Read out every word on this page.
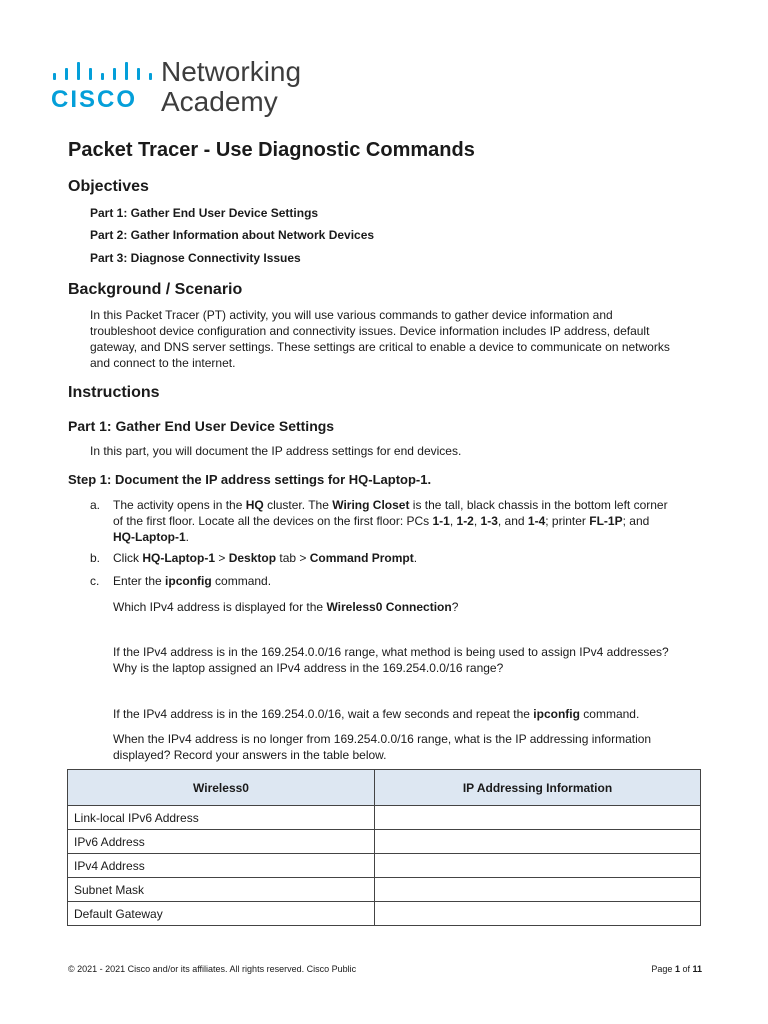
CISCO
Networking
Academy
Packet Tracer - Use Diagnostic Commands
Objectives
Part 1: Gather End User Device Settings
Part 2: Gather Information about Network Devices
Part 3: Diagnose Connectivity Issues
Background / Scenario
In this Packet Tracer (PT) activity, you will use various commands to gather device information and
troubleshoot device configuration and connectivity issues. Device information includes IP address, default
gateway, and DNS server settings. These settings are critical to enable a device to communicate on networks
and connect to the internet.
Instructions
Part 1: Gather End User Device Settings
In this part, you will document the IP address settings for end devices.
Step 1: Document the IP address settings for HQ-Laptop-1.
a. The activity opens in the HQ cluster. The Wiring Closet is the tall, black chassis in the bottom left corner
of the first floor. Locate all the devices on the first floor: PCs 1-1, 1-2, 1-3, and 1-4; printer FL-1P; and
HQ-Laptop-1.
b. Click HQ-Laptop-1 > Desktop tab > Command Prompt.
c. Enter the ipconfig command.
Which IPv4 address is displayed for the Wireless0 Connection?
If the IPv4 address is in the 169.254.0.0/16 range, what method is being used to assign IPv4 addresses?
Why is the laptop assigned an IPv4 address in the 169.254.0.0/16 range?
If the IPv4 address is in the 169.254.0.0/16, wait a few seconds and repeat the ipconfig command.
When the IPv4 address is no longer from 169.254.0.0/16 range, what is the IP addressing information
displayed? Record your answers in the table below.
Wireless0	IP Addressing Information
Link-local IPv6 Address	
IPv6 Address	
IPv4 Address	
Subnet Mask	
Default Gateway	
© 2021 - 2021 Cisco and/or its affiliates. All rights reserved. Cisco Public	Page 1 of 11
